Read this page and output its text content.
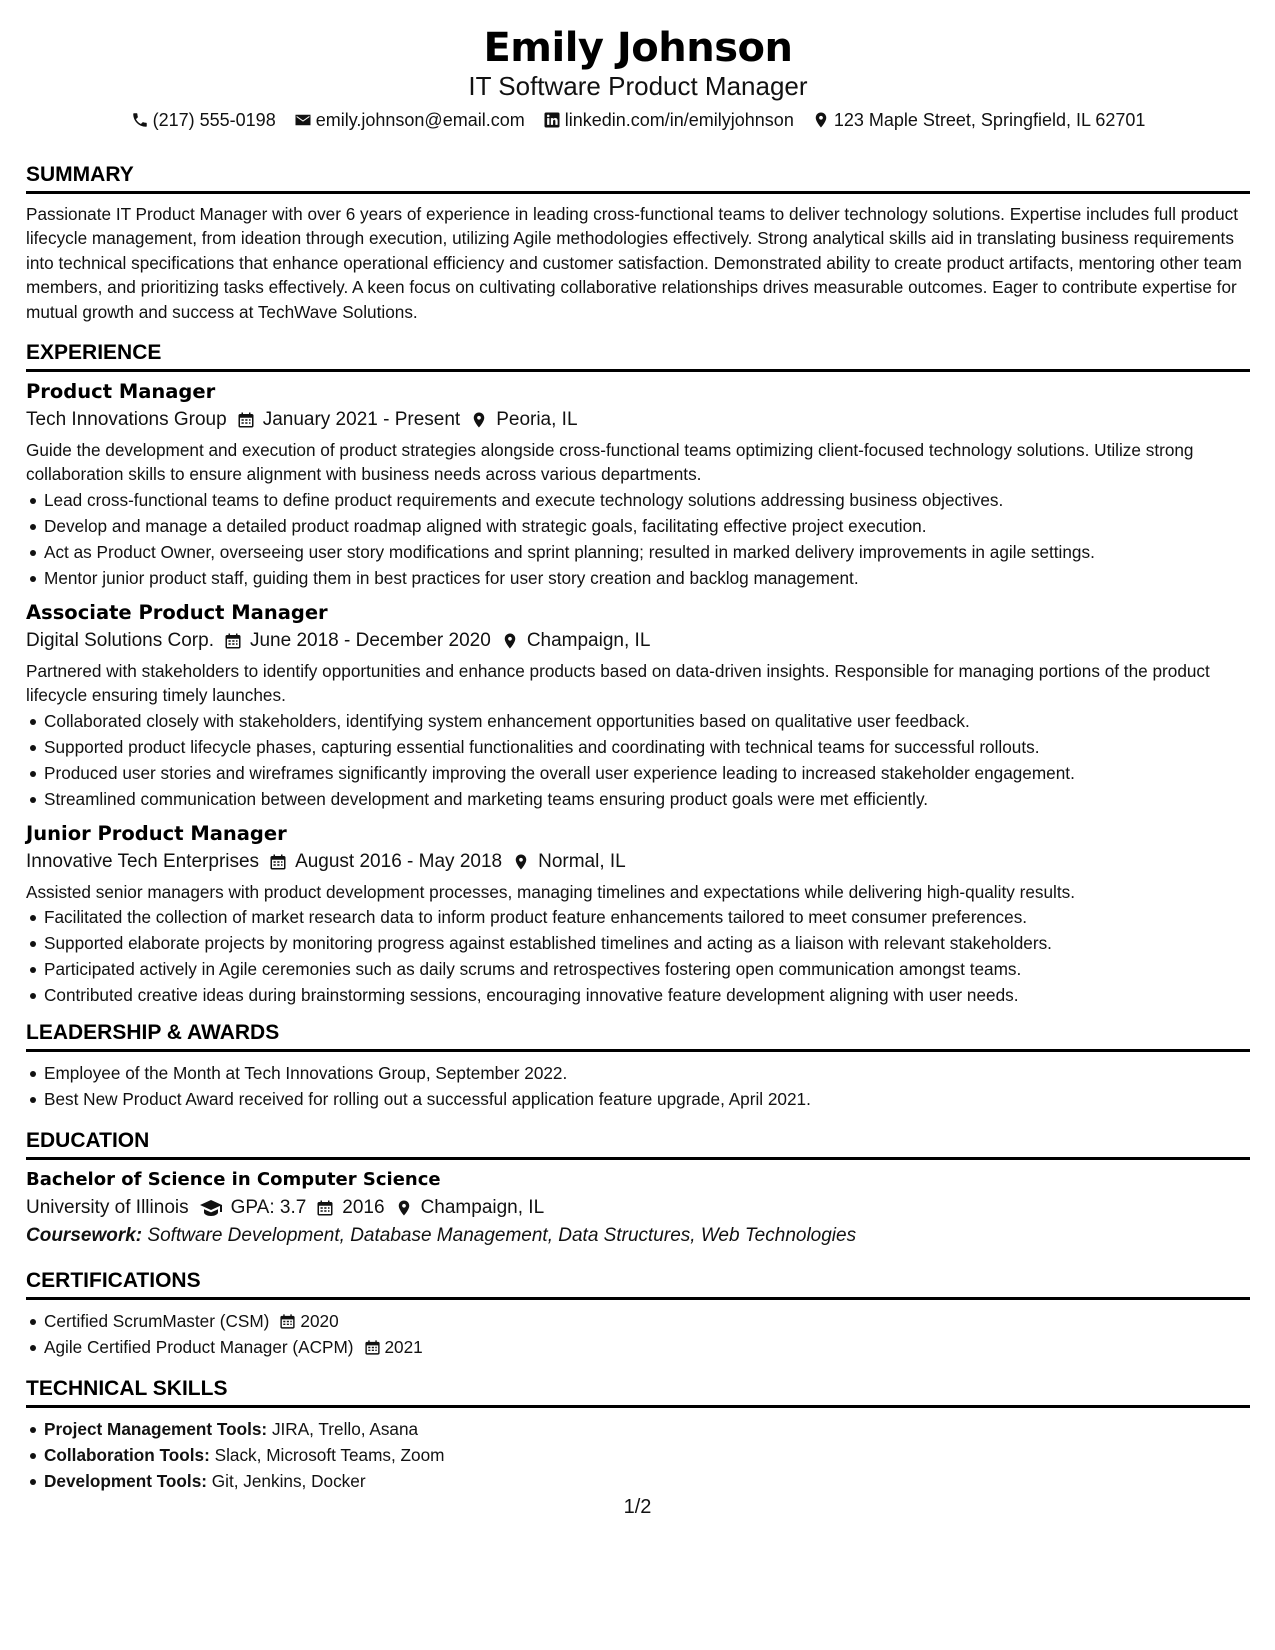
Emily Johnson
IT Software Product Manager
(217) 555-0198 emily.johnson@email.com linkedin.com/in/emilyjohnson 123 Maple Street, Springfield, IL 62701
SUMMARY
Passionate IT Product Manager with over 6 years of experience in leading cross-functional teams to deliver technology solutions. Expertise includes full product lifecycle management, from ideation through execution, utilizing Agile methodologies effectively. Strong analytical skills aid in translating business requirements into technical specifications that enhance operational efficiency and customer satisfaction. Demonstrated ability to create product artifacts, mentoring other team members, and prioritizing tasks effectively. A keen focus on cultivating collaborative relationships drives measurable outcomes. Eager to contribute expertise for mutual growth and success at TechWave Solutions.
EXPERIENCE
Product Manager
Tech Innovations Group January 2021 - Present Peoria, IL
Guide the development and execution of product strategies alongside cross-functional teams optimizing client-focused technology solutions. Utilize strong collaboration skills to ensure alignment with business needs across various departments.
Lead cross-functional teams to define product requirements and execute technology solutions addressing business objectives.
Develop and manage a detailed product roadmap aligned with strategic goals, facilitating effective project execution.
Act as Product Owner, overseeing user story modifications and sprint planning; resulted in marked delivery improvements in agile settings.
Mentor junior product staff, guiding them in best practices for user story creation and backlog management.
Associate Product Manager
Digital Solutions Corp. June 2018 - December 2020 Champaign, IL
Partnered with stakeholders to identify opportunities and enhance products based on data-driven insights. Responsible for managing portions of the product lifecycle ensuring timely launches.
Collaborated closely with stakeholders, identifying system enhancement opportunities based on qualitative user feedback.
Supported product lifecycle phases, capturing essential functionalities and coordinating with technical teams for successful rollouts.
Produced user stories and wireframes significantly improving the overall user experience leading to increased stakeholder engagement.
Streamlined communication between development and marketing teams ensuring product goals were met efficiently.
Junior Product Manager
Innovative Tech Enterprises August 2016 - May 2018 Normal, IL
Assisted senior managers with product development processes, managing timelines and expectations while delivering high-quality results.
Facilitated the collection of market research data to inform product feature enhancements tailored to meet consumer preferences.
Supported elaborate projects by monitoring progress against established timelines and acting as a liaison with relevant stakeholders.
Participated actively in Agile ceremonies such as daily scrums and retrospectives fostering open communication amongst teams.
Contributed creative ideas during brainstorming sessions, encouraging innovative feature development aligning with user needs.
LEADERSHIP & AWARDS
Employee of the Month at Tech Innovations Group, September 2022.
Best New Product Award received for rolling out a successful application feature upgrade, April 2021.
EDUCATION
Bachelor of Science in Computer Science
University of Illinois GPA: 3.7 2016 Champaign, IL
Coursework: Software Development, Database Management, Data Structures, Web Technologies
CERTIFICATIONS
Certified ScrumMaster (CSM) 2020
Agile Certified Product Manager (ACPM) 2021
TECHNICAL SKILLS
Project Management Tools: JIRA, Trello, Asana
Collaboration Tools: Slack, Microsoft Teams, Zoom
Development Tools: Git, Jenkins, Docker
1/2
